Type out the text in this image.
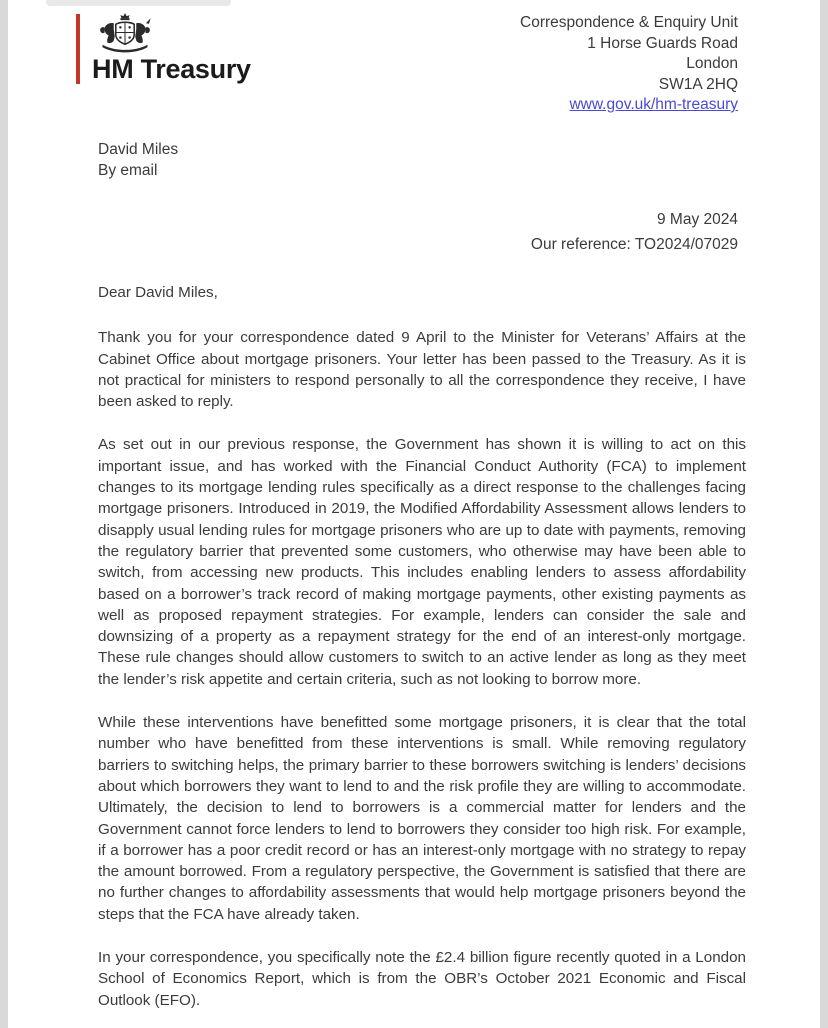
HM Treasury
Correspondence & Enquiry Unit
1 Horse Guards Road
London
SW1A 2HQ
www.gov.uk/hm-treasury
David Miles
By email
9 May 2024
Our reference: TO2024/07029

Dear David Miles,

Thank you for your correspondence dated 9 April to the Minister for Veterans’ Affairs at the Cabinet Office about mortgage prisoners. Your letter has been passed to the Treasury. As it is not practical for ministers to respond personally to all the correspondence they receive, I have been asked to reply.

As set out in our previous response, the Government has shown it is willing to act on this important issue, and has worked with the Financial Conduct Authority (FCA) to implement changes to its mortgage lending rules specifically as a direct response to the challenges facing mortgage prisoners. Introduced in 2019, the Modified Affordability Assessment allows lenders to disapply usual lending rules for mortgage prisoners who are up to date with payments, removing the regulatory barrier that prevented some customers, who otherwise may have been able to switch, from accessing new products. This includes enabling lenders to assess affordability based on a borrower’s track record of making mortgage payments, other existing payments as well as proposed repayment strategies. For example, lenders can consider the sale and downsizing of a property as a repayment strategy for the end of an interest-only mortgage. These rule changes should allow customers to switch to an active lender as long as they meet the lender’s risk appetite and certain criteria, such as not looking to borrow more.

While these interventions have benefitted some mortgage prisoners, it is clear that the total number who have benefitted from these interventions is small. While removing regulatory barriers to switching helps, the primary barrier to these borrowers switching is lenders’ decisions about which borrowers they want to lend to and the risk profile they are willing to accommodate. Ultimately, the decision to lend to borrowers is a commercial matter for lenders and the Government cannot force lenders to lend to borrowers they consider too high risk. For example, if a borrower has a poor credit record or has an interest-only mortgage with no strategy to repay the amount borrowed. From a regulatory perspective, the Government is satisfied that there are no further changes to affordability assessments that would help mortgage prisoners beyond the steps that the FCA have already taken.

In your correspondence, you specifically note the £2.4 billion figure recently quoted in a London School of Economics Report, which is from the OBR’s October 2021 Economic and Fiscal Outlook (EFO).
